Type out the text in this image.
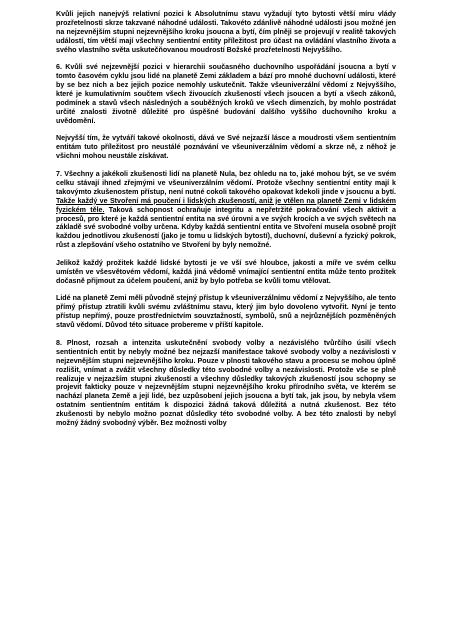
Kvůli jejich nanejvýš relativní pozici k Absolutnímu stavu vyžadují tyto bytosti větší míru vlády prozřetelnosti skrze takzvané náhodné události. Takovéto zdánlivě náhodné události jsou možné jen na nejzevnějším stupni nejzevnějšího kroku jsoucna a bytí, čím plněji se projevují v realitě takových událostí, tím větší mají všechny sentientní entity příležitost pro účast na ovládání vlastního života a svého vlastního světa uskutečňovanou moudrostí Božské prozřetelnosti Nejvyššího.

6. Kvůli své nejzevnější pozici v hierarchii současného duchovního uspořádání jsoucna a bytí v tomto časovém cyklu jsou lidé na planetě Zemi základem a bází pro mnohé duchovní události, které by se bez nich a bez jejich pozice nemohly uskutečnit. Takže všeuniverzální vědomí z Nejvyššího, které je kumulativním součtem všech živoucích zkušeností všech jsoucen a bytí a všech zákonů, podmínek a stavů všech následných a souběžných kroků ve všech dimenzích, by mohlo postrádat určité znalosti životně důležité pro úspěšné budování dalšího vyššího duchovního kroku a uvědomění.

Nejvyšší tím, že vytváří takové okolnosti, dává ve Své nejzazší lásce a moudrosti všem sentientním entitám tuto příležitost pro neustálé poznávání ve všeuniverzálním vědomí a skrze ně, z něhož je všichni mohou neustále získávat.

7. Všechny a jakékoli zkušenosti lidí na planetě Nula, bez ohledu na to, jaké mohou být, se ve svém celku stávají ihned zřejmými ve všeuniverzálním vědomí. Protože všechny sentientní entity mají k takovýmto zkušenostem přístup, není nutné cokoli takového opakovat kdekoli jinde v jsoucnu a bytí. Takže každý ve Stvoření má poučení i lidských zkušeností, aniž je vtělen na planetě Zemi v lidském fyzickém těle. Taková schopnost ochraňuje integritu a nepřetržité pokračování všech aktivit a procesů, pro které je každá sentientní entita na své úrovni a ve svých krocích a ve svých světech na základě své svobodné volby určena. Kdyby každá sentientní entita ve Stvoření musela osobně projít každou jednotlivou zkušeností (jako je tomu u lidských bytostí), duchovní, duševní a fyzický pokrok, růst a zlepšování všeho ostatního ve Stvoření by byly nemožné.

Jelikož každý prožitek každé lidské bytosti je ve vší své hloubce, jakosti a míře ve svém celku umístěn ve všesvětovém vědomí, každá jiná vědomě vnímající sentientní entita může tento prožitek dočasně přijmout za účelem poučení, aniž by bylo potřeba se kvůli tomu vtělovat.

Lidé na planetě Zemi měli původně stejný přístup k všeuniverzálnímu vědomí z Nejvyššího, ale tento přímý přístup ztratili kvůli svému zvláštnímu stavu, který jim bylo dovoleno vytvořit. Nyní je tento přístup nepřímý, pouze prostřednictvím souvztažností, symbolů, snů a nejrůznějších pozměněných stavů vědomí. Důvod této situace probereme v příští kapitole.

8. Plnost, rozsah a intenzita uskutečnění svobody volby a nezávislého tvůrčího úsilí všech sentientních entit by nebyly možné bez nejzazší manifestace takové svobody volby a nezávislosti v nejzevnějším stupni nejzevnějšího kroku. Pouze v plnosti takového stavu a procesu se mohou úplně rozlišit, vnímat a zvážit všechny důsledky této svobodné volby a nezávislosti. Protože vše se plně realizuje v nejzazším stupni zkušeností a všechny důsledky takových zkušeností jsou schopny se projevit fakticky pouze v nejzevnějším stupni nejzevnějšího kroku přírodního světa, ve kterém se nachází planeta Země a její lidé, bez uzpůsobení jejich jsoucna a bytí tak, jak jsou, by nebyla všem ostatním sentientním entitám k dispozici žádná taková důležitá a nutná zkušenost. Bez této zkušenosti by nebylo možno poznat důsledky této svobodné volby. A bez této znalosti by nebyl možný žádný svobodný výběr. Bez možnosti volby
